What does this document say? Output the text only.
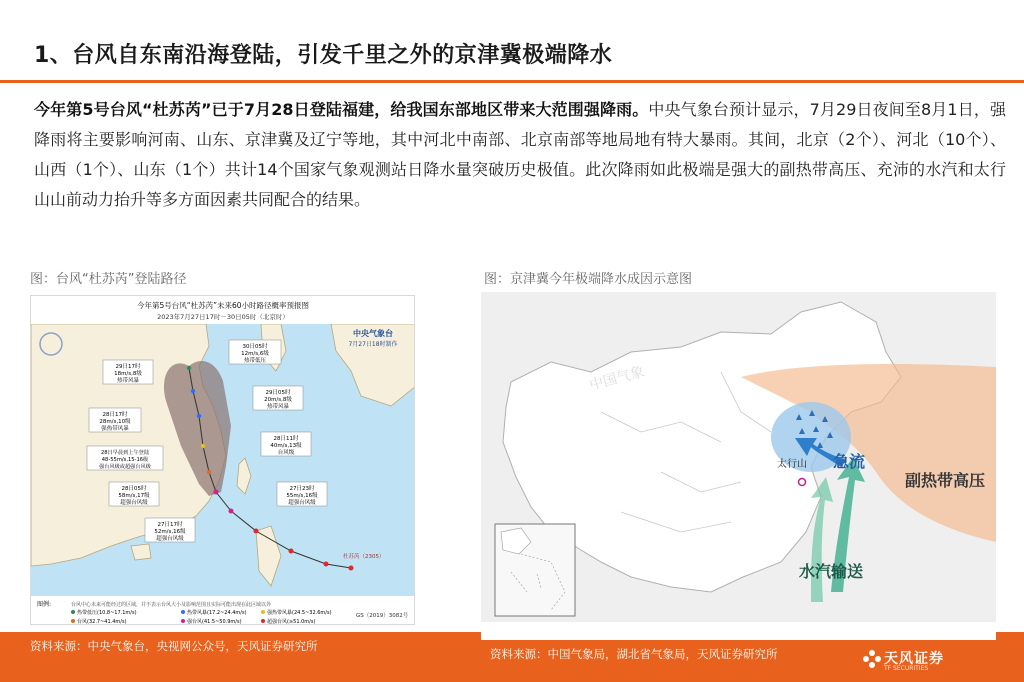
1、台风自东南沿海登陆，引发千里之外的京津冀极端降水
今年第5号台风“杜苏芮”已于7月28日登陆福建，给我国东部地区带来大范围强降雨。中央气象台预计显示，7月29日夜间至8月1日，强降雨将主要影响河南、山东、京津冀及辽宁等地，其中河北中南部、北京南部等地局地有特大暴雨。其间，北京（2个）、河北（10个）、山西（1个）、山东（1个）共计14个国家气象观测站日降水量突破历史极值。此次降雨如此极端是强大的副热带高压、充沛的水汽和太行山山前动力抬升等多方面因素共同配合的结果。
图：台风“杜苏芮”登陆路径	图：京津冀今年极端降水成因示意图
今年第5号台风“杜苏芮”未来60小时路径概率预报图
2023年7月27日17时－30日05时（北京时）
中央气象台
7月27日18时制作
30日05时
12m/s,6级
热带低压
29日17时
18m/s,8级
热带风暴
29日05时
20m/s,8级
热带风暴
28日17时
28m/s,10级
强热带风暴
28日11时
40m/s,13级
台风级
28日早晨到上午登陆
48-55m/s,15-16级
强台风级或超强台风级
28日05时
58m/s,17级
超强台风级
27日23时
55m/s,16级
超强台风级
27日17时
52m/s,16级
超强台风级
杜苏芮（2305）
图例:	台风中心未来可能经过的区域，并不表示台风大小及影响范围且实际可能出现在此区域以外
热带低压(10.8~17.1m/s)	热带风暴(17.2~24.4m/s)	强热带风暴(24.5~32.6m/s)
台风(32.7~41.4m/s)	强台风(41.5~50.9m/s)	超强台风(≥51.0m/s)
GS（2019）3082号
中国气象
太行山 急流
副热带高压
水汽输送
资料来源：中央气象台，央视网公众号，天风证券研究所
资料来源：中国气象局，湖北省气象局，天风证券研究所	天风证券
TF SECURITIES
